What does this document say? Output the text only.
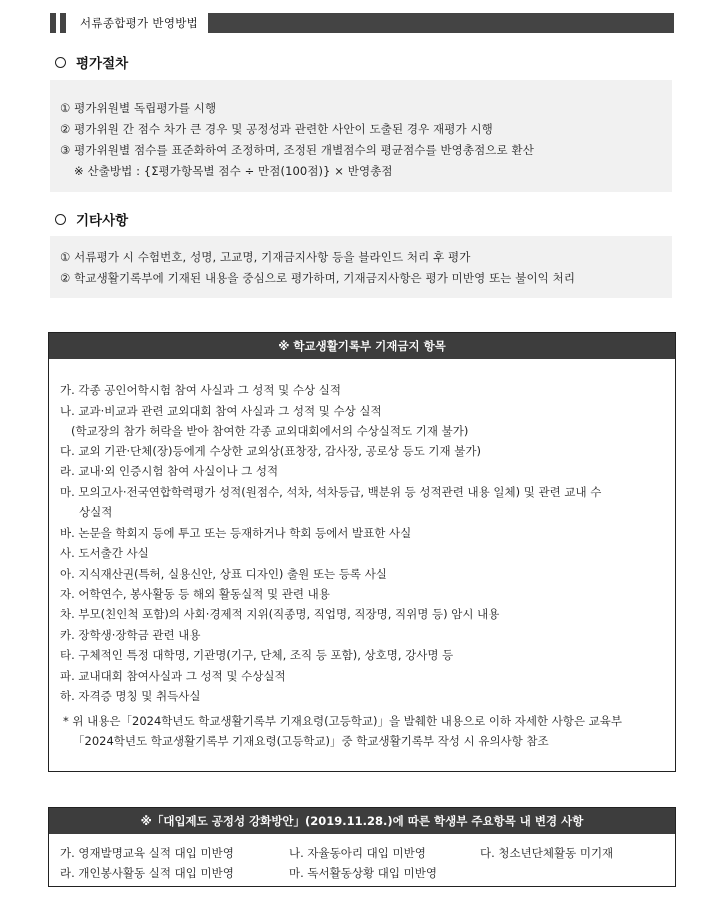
서류종합평가 반영방법
평가절차
① 평가위원별 독립평가를 시행
② 평가위원 간 점수 차가 큰 경우 및 공정성과 관련한 사안이 도출된 경우 재평가 시행
③ 평가위원별 점수를 표준화하여 조정하며, 조정된 개별점수의 평균점수를 반영총점으로 환산
※ 산출방법 : {Σ평가항목별 점수 ÷ 만점(100점)} × 반영총점
기타사항
① 서류평가 시 수험번호, 성명, 고교명, 기재금지사항 등을 블라인드 처리 후 평가
② 학교생활기록부에 기재된 내용을 중심으로 평가하며, 기재금지사항은 평가 미반영 또는 불이익 처리
※ 학교생활기록부 기재금지 항목
가. 각종 공인어학시험 참여 사실과 그 성적 및 수상 실적
나. 교과·비교과 관련 교외대회 참여 사실과 그 성적 및 수상 실적
(학교장의 참가 허락을 받아 참여한 각종 교외대회에서의 수상실적도 기재 불가)
다. 교외 기관·단체(장)등에게 수상한 교외상(표창장, 감사장, 공로상 등도 기재 불가)
라. 교내·외 인증시험 참여 사실이나 그 성적
마. 모의고사·전국연합학력평가 성적(원점수, 석차, 석차등급, 백분위 등 성적관련 내용 일체) 및 관련 교내 수
상실적
바. 논문을 학회지 등에 투고 또는 등재하거나 학회 등에서 발표한 사실
사. 도서출간 사실
아. 지식재산권(특허, 실용신안, 상표 디자인) 출원 또는 등록 사실
자. 어학연수, 봉사활동 등 해외 활동실적 및 관련 내용
차. 부모(친인척 포함)의 사회·경제적 지위(직종명, 직업명, 직장명, 직위명 등) 암시 내용
카. 장학생·장학금 관련 내용
타. 구체적인 특정 대학명, 기관명(기구, 단체, 조직 등 포함), 상호명, 강사명 등
파. 교내대회 참여사실과 그 성적 및 수상실적
하. 자격증 명칭 및 취득사실
* 위 내용은「2024학년도 학교생활기록부 기재요령(고등학교)」을 발췌한 내용으로 이하 자세한 사항은 교육부
「2024학년도 학교생활기록부 기재요령(고등학교)」중 학교생활기록부 작성 시 유의사항 참조
※「대입제도 공정성 강화방안」(2019.11.28.)에 따른 학생부 주요항목 내 변경 사항
가. 영재발명교육 실적 대입 미반영	나. 자율동아리 대입 미반영	다. 청소년단체활동 미기재
라. 개인봉사활동 실적 대입 미반영	마. 독서활동상황 대입 미반영
